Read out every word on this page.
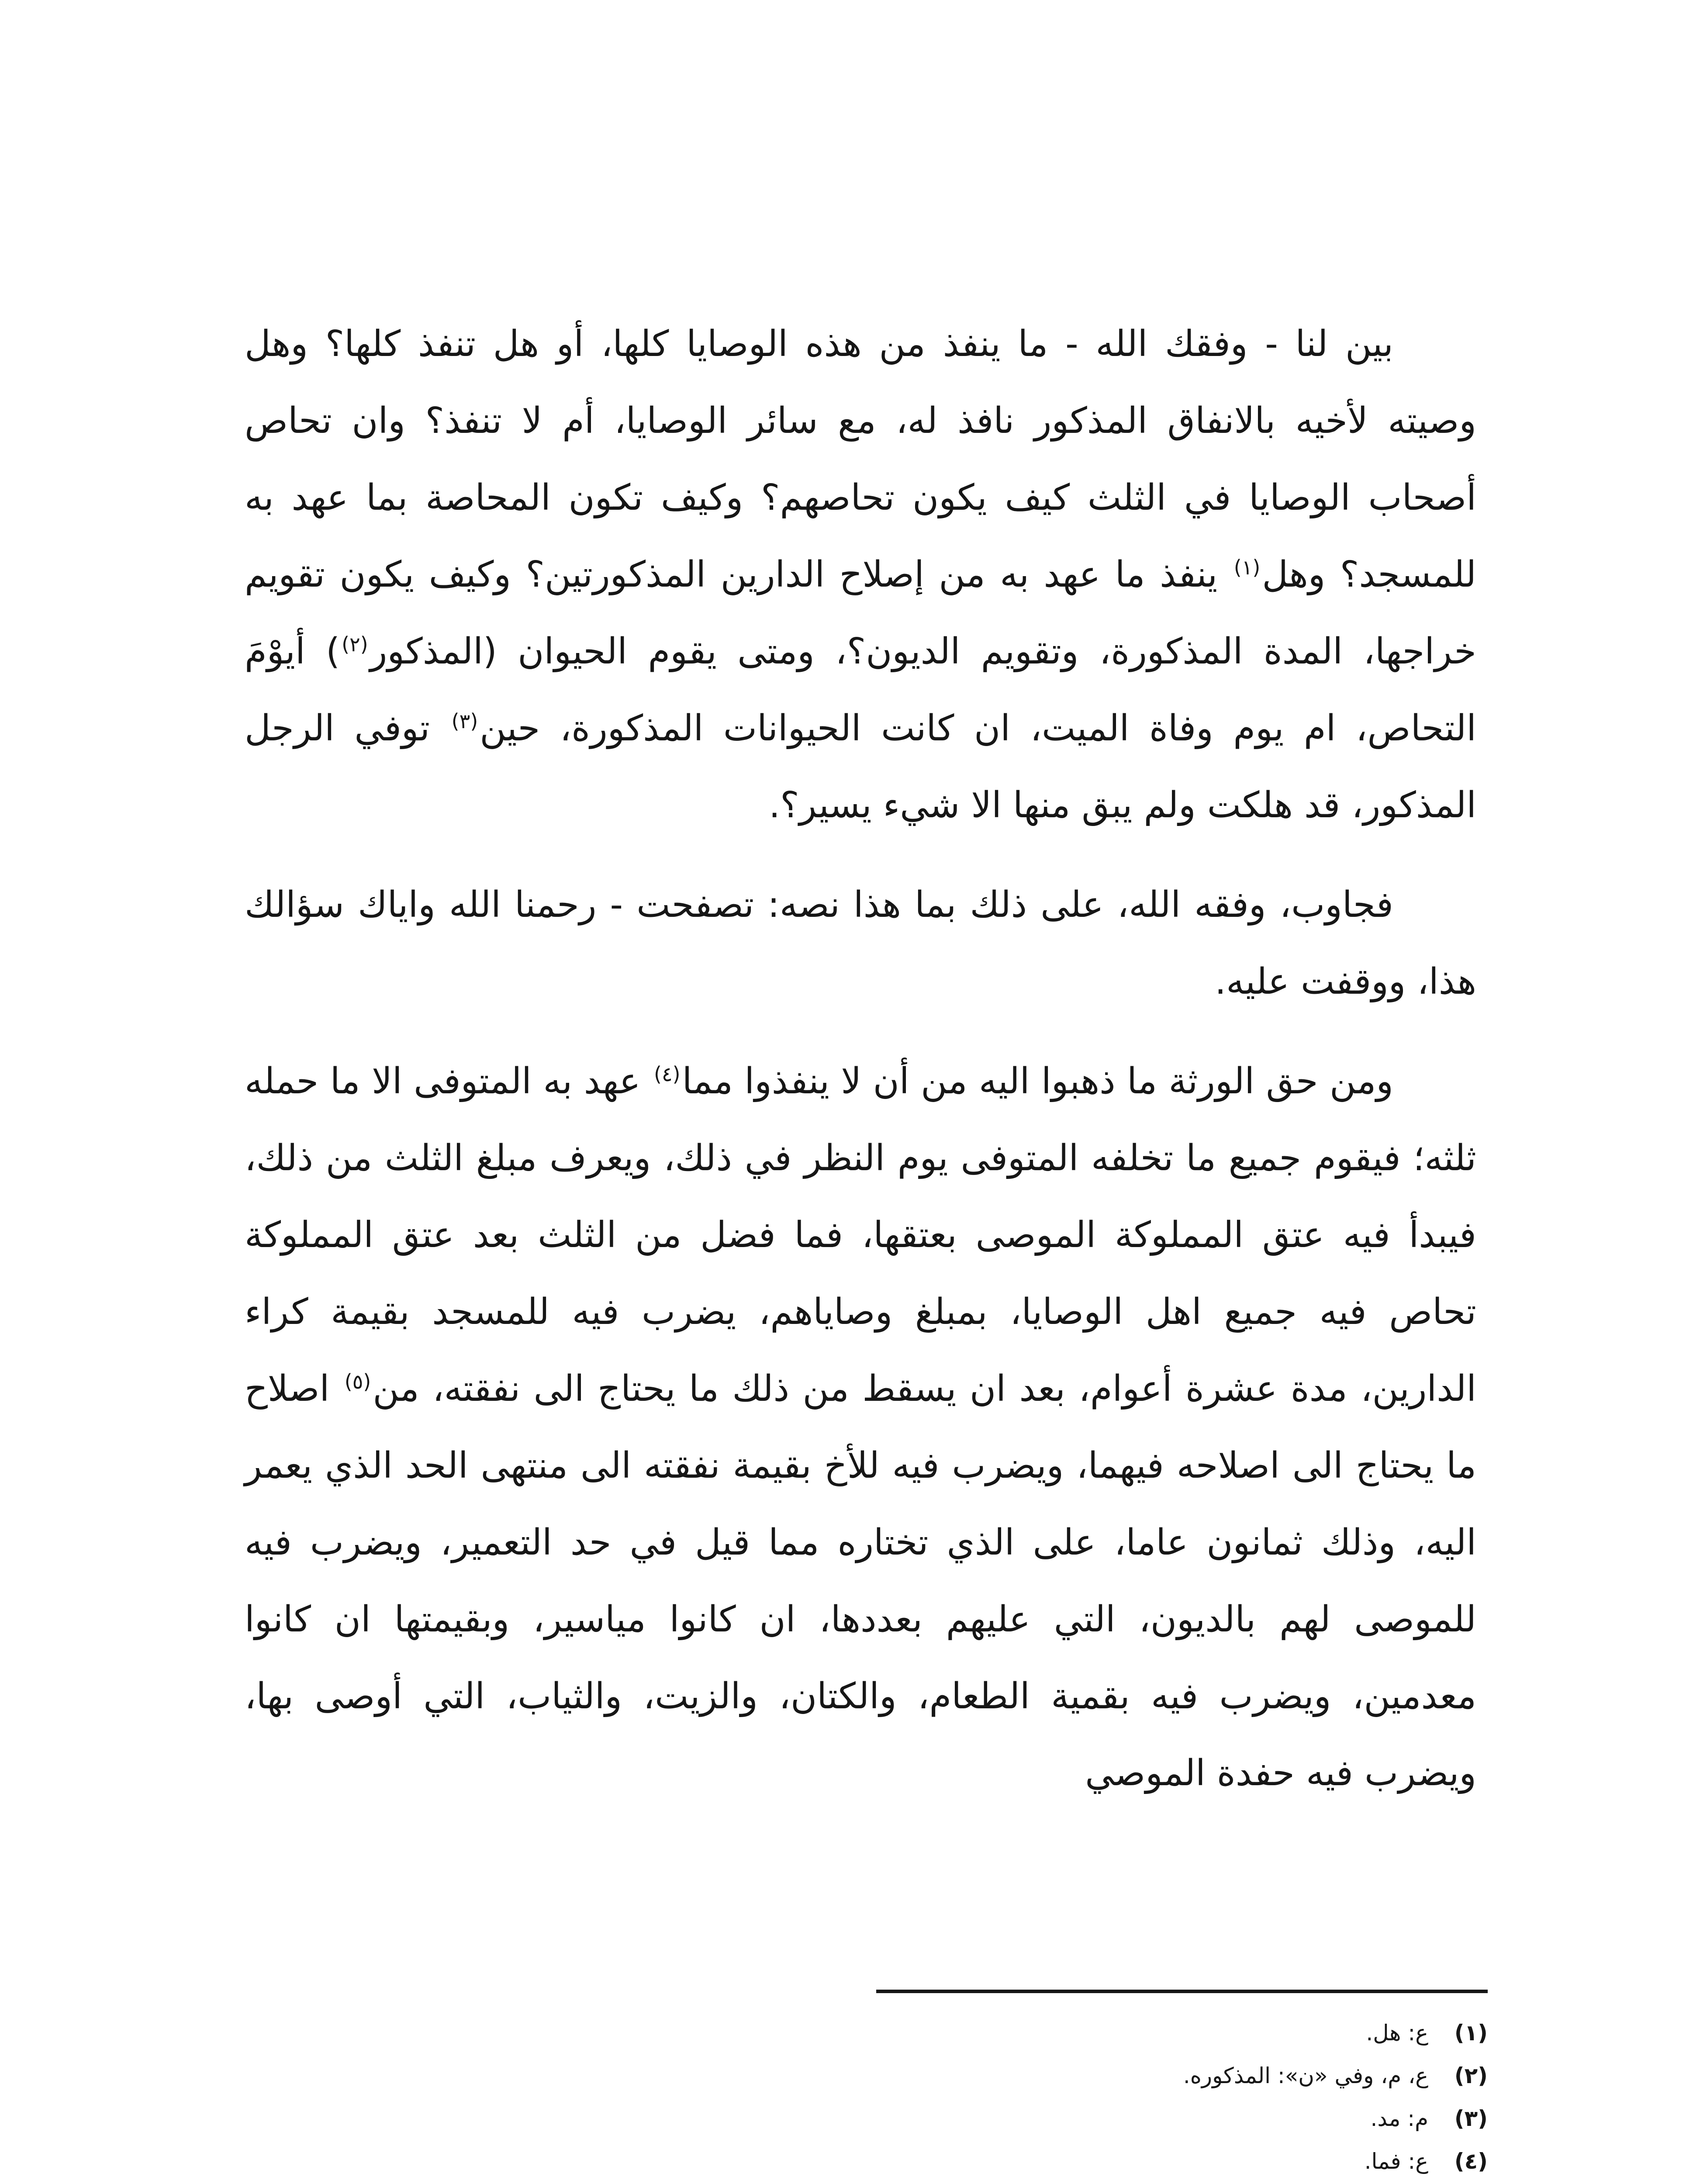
بين لنا - وفقك الله - ما ينفذ من هذه الوصايا كلها، أو هل تنفذ كلها؟ وهل وصيته لأخيه بالانفاق المذكور نافذ له، مع سائر الوصايا، أم لا تنفذ؟ وان تحاص أصحاب الوصايا في الثلث كيف يكون تحاصهم؟ وكيف تكون المحاصة بما عهد به للمسجد؟ وهل$^{(١)}$ ينفذ ما عهد به من إصلاح الدارين المذكورتين؟ وكيف يكون تقويم خراجها، المدة المذكورة، وتقويم الديون؟، ومتى يقوم الحيوان (المذكور$^{(٢)}$) أيوْمَ التحاص، ام يوم وفاة الميت، ان كانت الحيوانات المذكورة، حين$^{(٣)}$ توفي الرجل المذكور، قد هلكت ولم يبق منها الا شيء يسير؟.

فجاوب، وفقه الله، على ذلك بما هذا نصه: تصفحت - رحمنا الله واياك سؤالك هذا، ووقفت عليه.

ومن حق الورثة ما ذهبوا اليه من أن لا ينفذوا مما$^{(٤)}$ عهد به المتوفى الا ما حمله ثلثه؛ فيقوم جميع ما تخلفه المتوفى يوم النظر في ذلك، ويعرف مبلغ الثلث من ذلك، فيبدأ فيه عتق المملوكة الموصى بعتقها، فما فضل من الثلث بعد عتق المملوكة تحاص فيه جميع اهل الوصايا، بمبلغ وصاياهم، يضرب فيه للمسجد بقيمة كراء الدارين، مدة عشرة أعوام، بعد ان يسقط من ذلك ما يحتاج الى نفقته، من$^{(٥)}$ اصلاح ما يحتاج الى اصلاحه فيهما، ويضرب فيه للأخ بقيمة نفقته الى منتهى الحد الذي يعمر اليه، وذلك ثمانون عاما، على الذي تختاره مما قيل في حد التعمير، ويضرب فيه للموصى لهم بالديون، التي عليهم بعددها، ان كانوا مياسير، وبقيمتها ان كانوا معدمين، ويضرب فيه بقمية الطعام، والكتان، والزيت، والثياب، التي أوصى بها، ويضرب فيه حفدة الموصي

(١) ع: هل.
(٢) ع، م، وفي «ن»: المذكوره.
(٣) م: مد.
(٤) ع: فما.
